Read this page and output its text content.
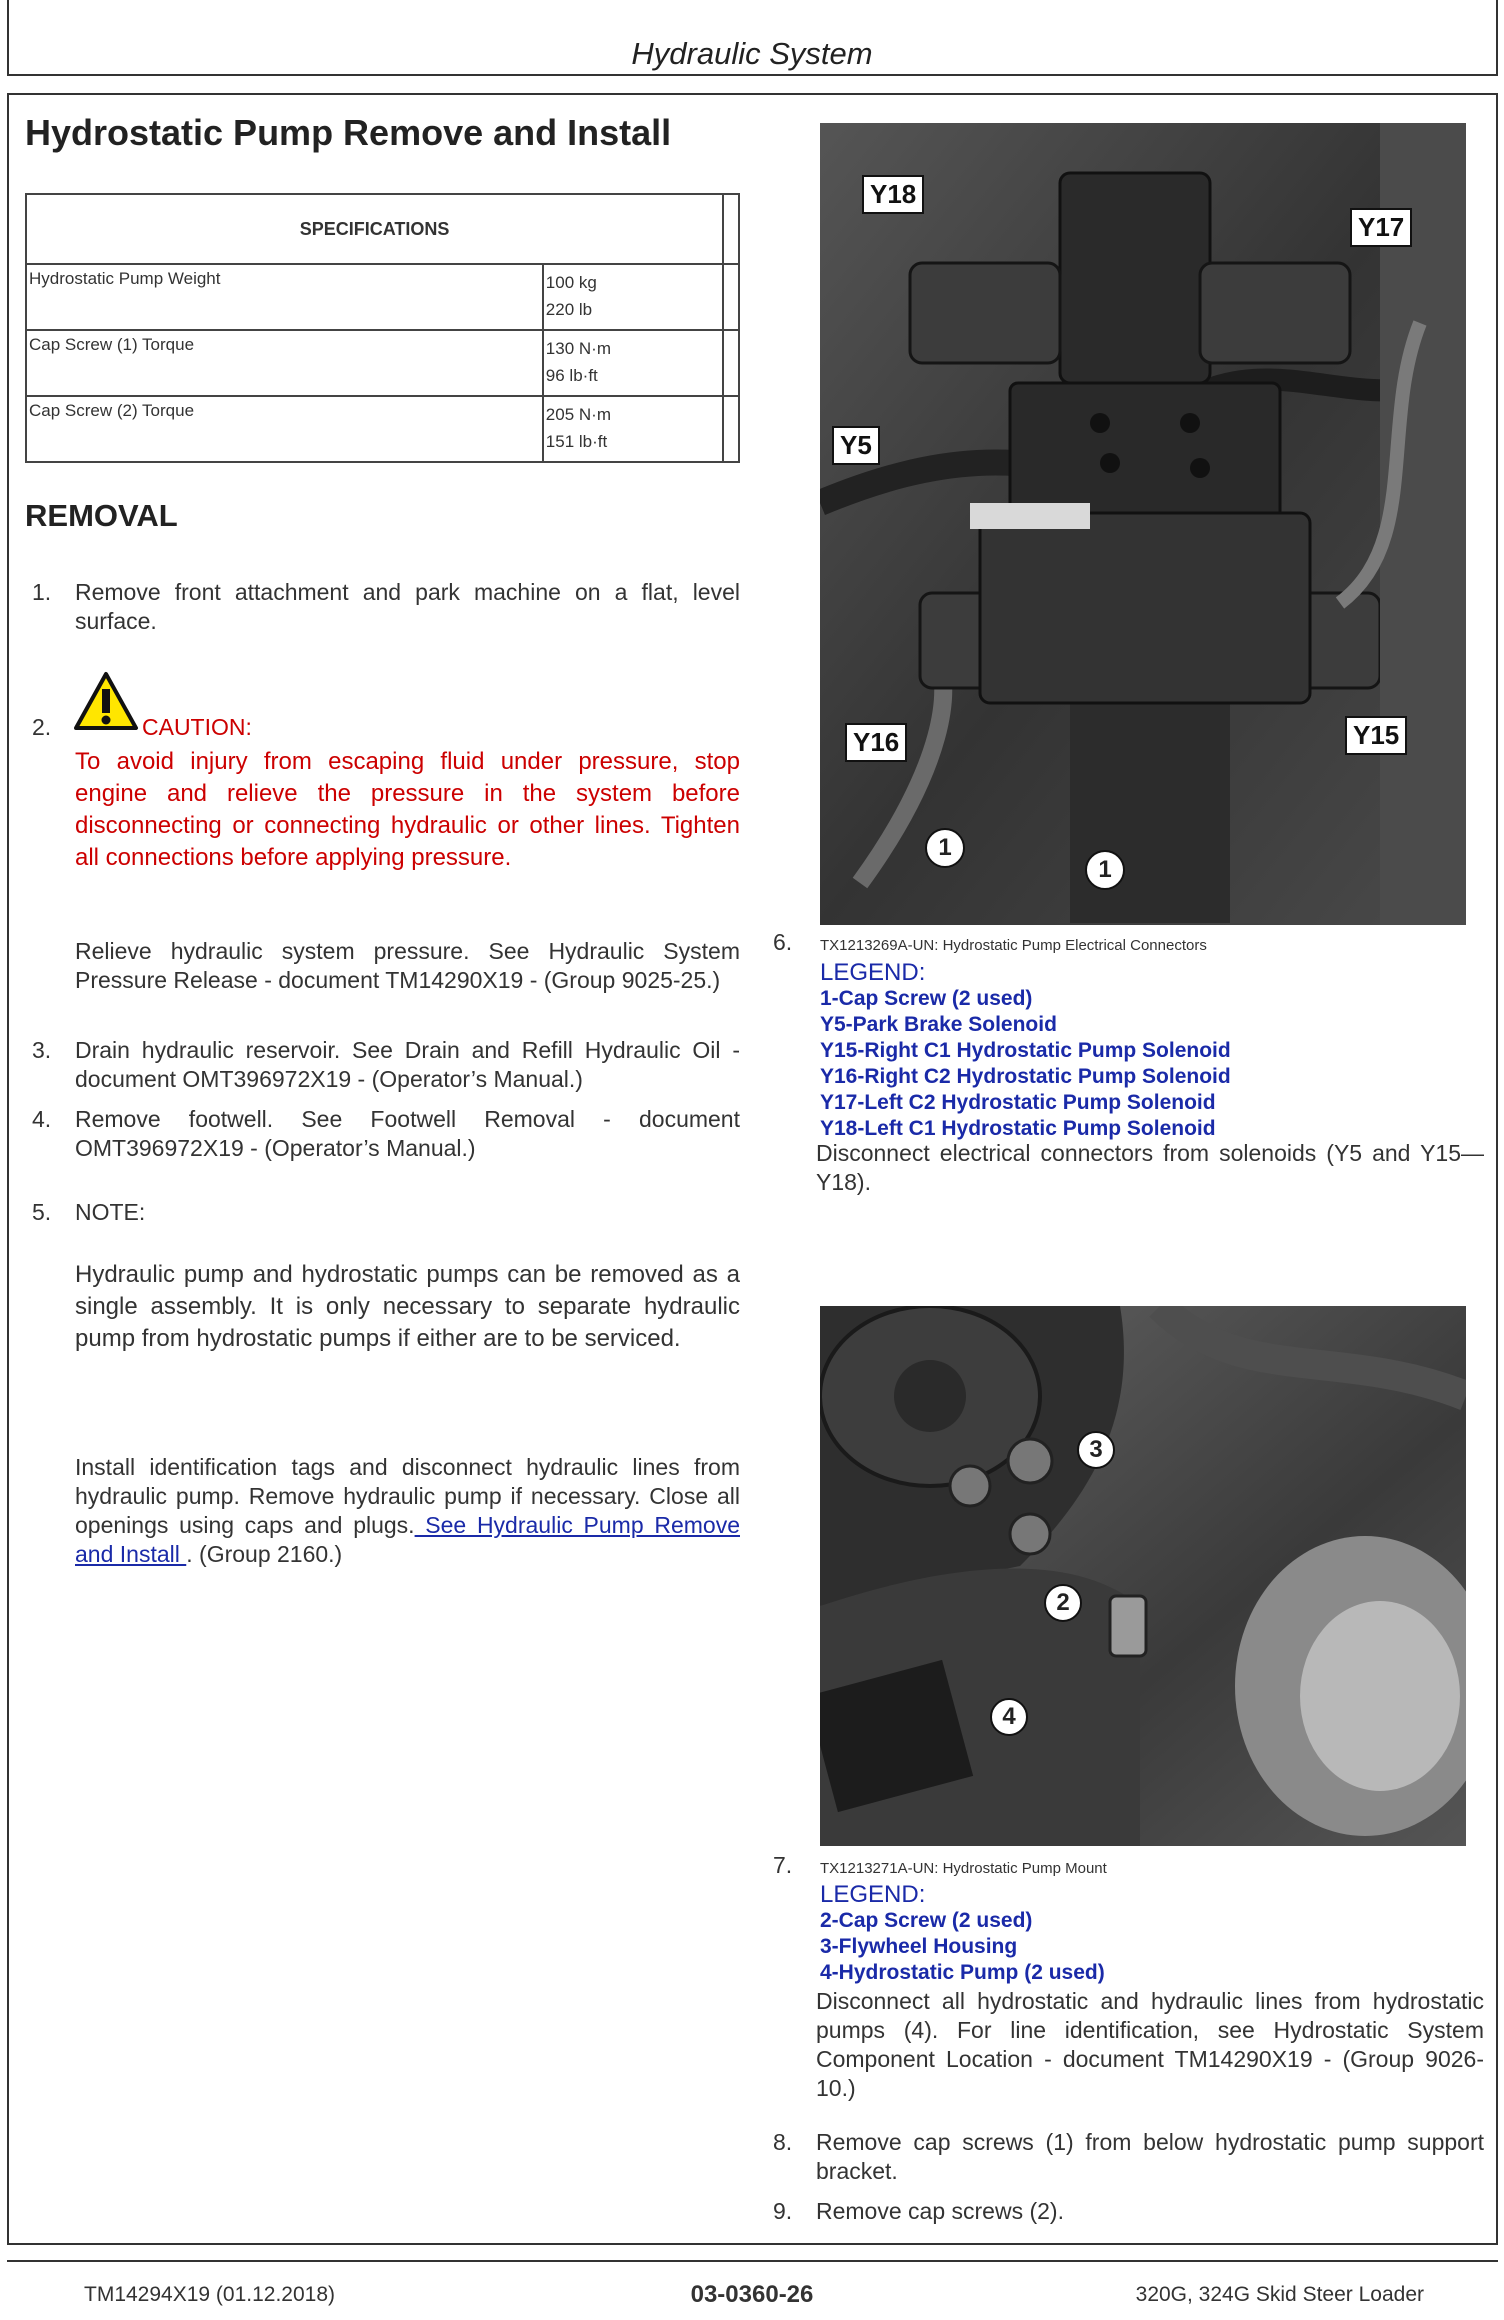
Hydraulic System
Hydrostatic Pump Remove and Install
SPECIFICATIONS		
Hydrostatic Pump Weight	100 kg
220 lb	

Cap Screw (1) Torque	130 N·m
96 lb·ft	

Cap Screw (2) Torque	205 N·m
151 lb·ft	

REMOVAL
1. Remove front attachment and park machine on a flat, level surface.
2.	CAUTION:
To avoid injury from escaping fluid under pressure, stop engine and relieve the pressure in the system before disconnecting or connecting hydraulic or other lines. Tighten all connections before applying pressure.
Relieve hydraulic system pressure. See Hydraulic System Pressure Release - document TM14290X19 - (Group 9025-25.)
3. Drain hydraulic reservoir. See Drain and Refill Hydraulic Oil - document OMT396972X19 - (Operator’s Manual.)
4. Remove footwell. See Footwell Removal - document OMT396972X19 - (Operator’s Manual.)
5. NOTE:
Hydraulic pump and hydrostatic pumps can be removed as a single assembly. It is only necessary to separate hydraulic pump from hydrostatic pumps if either are to be serviced.
Install identification tags and disconnect hydraulic lines from hydraulic pump. Remove hydraulic pump if necessary. Close all openings using caps and plugs. See Hydraulic Pump Remove and Install . (Group 2160.)
Y18
Y17
Y5
Y16	Y15
1
1
6. TX1213269A-UN: Hydrostatic Pump Electrical Connectors
LEGEND:
1-Cap Screw (2 used)
Y5-Park Brake Solenoid
Y15-Right C1 Hydrostatic Pump Solenoid
Y16-Right C2 Hydrostatic Pump Solenoid
Y17-Left C2 Hydrostatic Pump Solenoid
Y18-Left C1 Hydrostatic Pump Solenoid
Disconnect electrical connectors from solenoids (Y5 and Y15—Y18).
3
2
4
7. TX1213271A-UN: Hydrostatic Pump Mount
LEGEND:
2-Cap Screw (2 used)
3-Flywheel Housing
4-Hydrostatic Pump (2 used)
Disconnect all hydrostatic and hydraulic lines from hydrostatic pumps (4). For line identification, see Hydrostatic System Component Location - document TM14290X19 - (Group 9026-10.)
8. Remove cap screws (1) from below hydrostatic pump support bracket.
9. Remove cap screws (2).
TM14294X19 (01.12.2018)	03-0360-26	320G, 324G Skid Steer Loader
